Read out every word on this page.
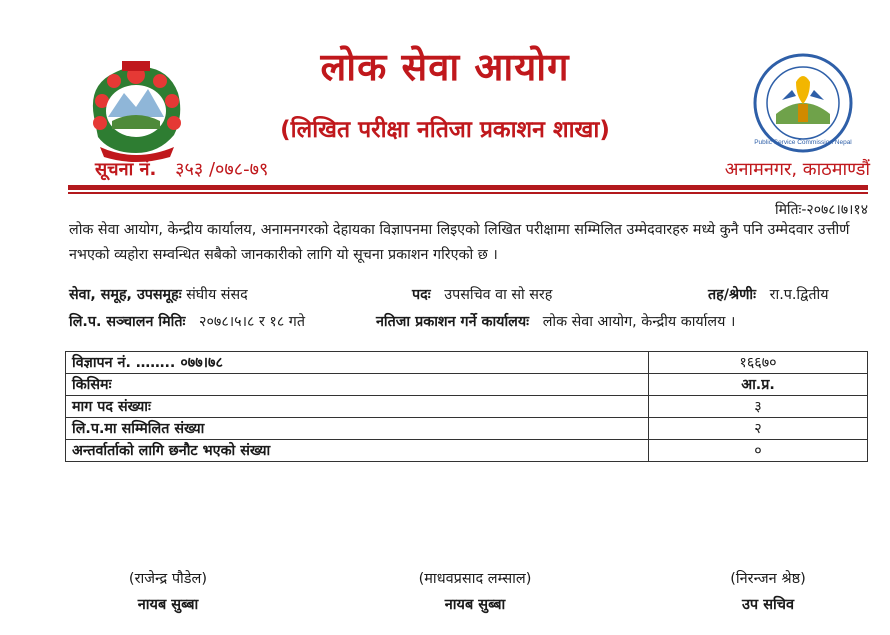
Public Service Commission Nepal
लोक सेवा आयोग
(लिखित परीक्षा नतिजा प्रकाशन शाखा)
सूचना नं. ३५३ /०७८-७९	अनामनगर, काठमाण्डौं
मितिः-२०७८।७।१४
लोक सेवा आयोग, केन्द्रीय कार्यालय, अनामनगरको देहायका विज्ञापनमा लिइएको लिखित परीक्षामा सम्मिलित उम्मेदवारहरु मध्ये कुनै पनि उम्मेदवार उत्तीर्ण नभएको व्यहोरा सम्वन्धित सबैको जानकारीको लागि यो सूचना प्रकाशन गरिएको छ ।
सेवा, समूह, उपसमूहः संघीय संसद	पदः उपसचिव वा सो सरह	तह/श्रेणीः रा.प.द्वितीय
लि.प. सञ्चालन मितिः २०७८।५।८ र १८ गते	नतिजा प्रकाशन गर्ने कार्यालयः लोक सेवा आयोग, केन्द्रीय कार्यालय ।
विज्ञापन नं. …….. ०७७।७८	१६६७०
किसिमः	आ.प्र.
माग पद संख्याः	३
लि.प.मा सम्मिलित संख्या	२
अन्तर्वार्ताको लागि छनौट भएको संख्या	०
(राजेन्द्र पौडेल)
नायब सुब्बा
(माधवप्रसाद लम्साल)
नायब सुब्बा
(निरन्जन श्रेष्ठ)
उप सचिव
